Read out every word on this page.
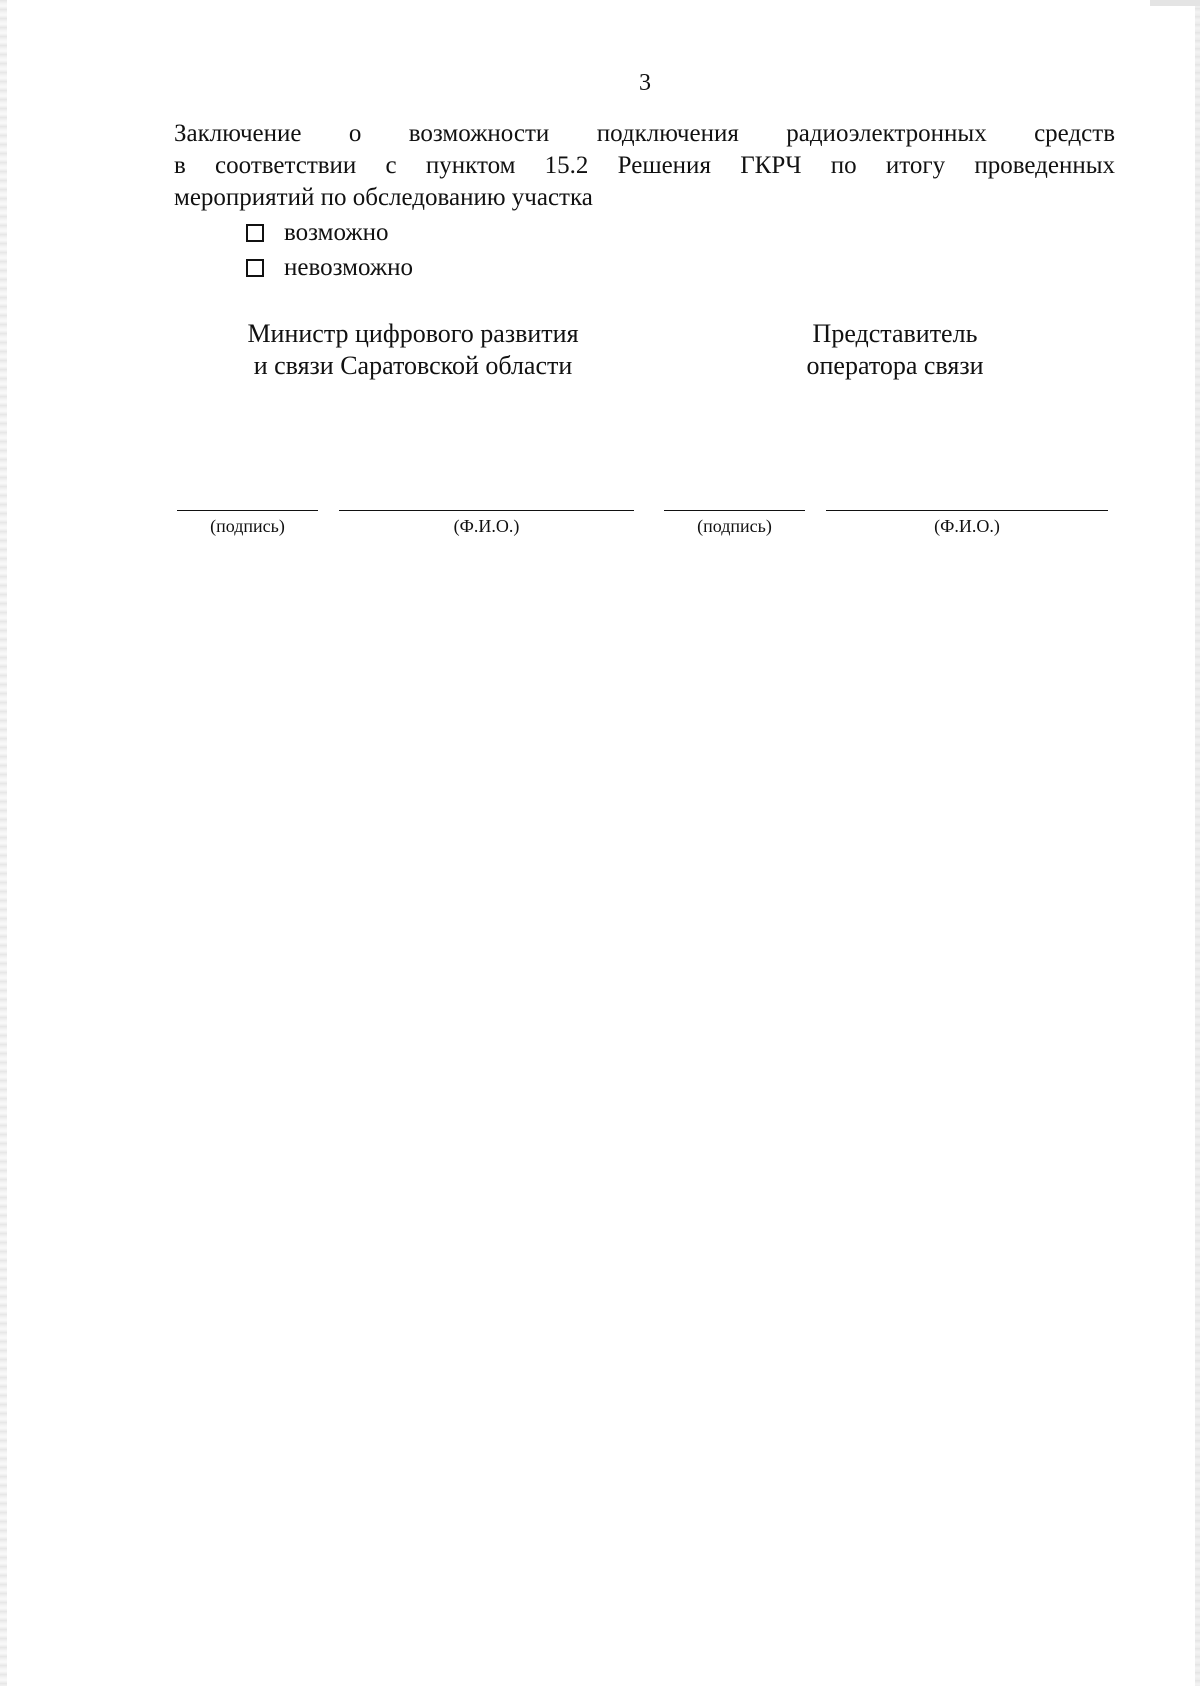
3
Заключение о возможности подключения радиоэлектронных средств
в соответствии с пунктом 15.2 Решения ГКРЧ по итогу проведенных
мероприятий по обследованию участка
возможно
невозможно
Министр цифрового развития
и связи Саратовской области
Представитель
оператора связи
(подпись)	(Ф.И.О.)	(подпись)	(Ф.И.О.)
